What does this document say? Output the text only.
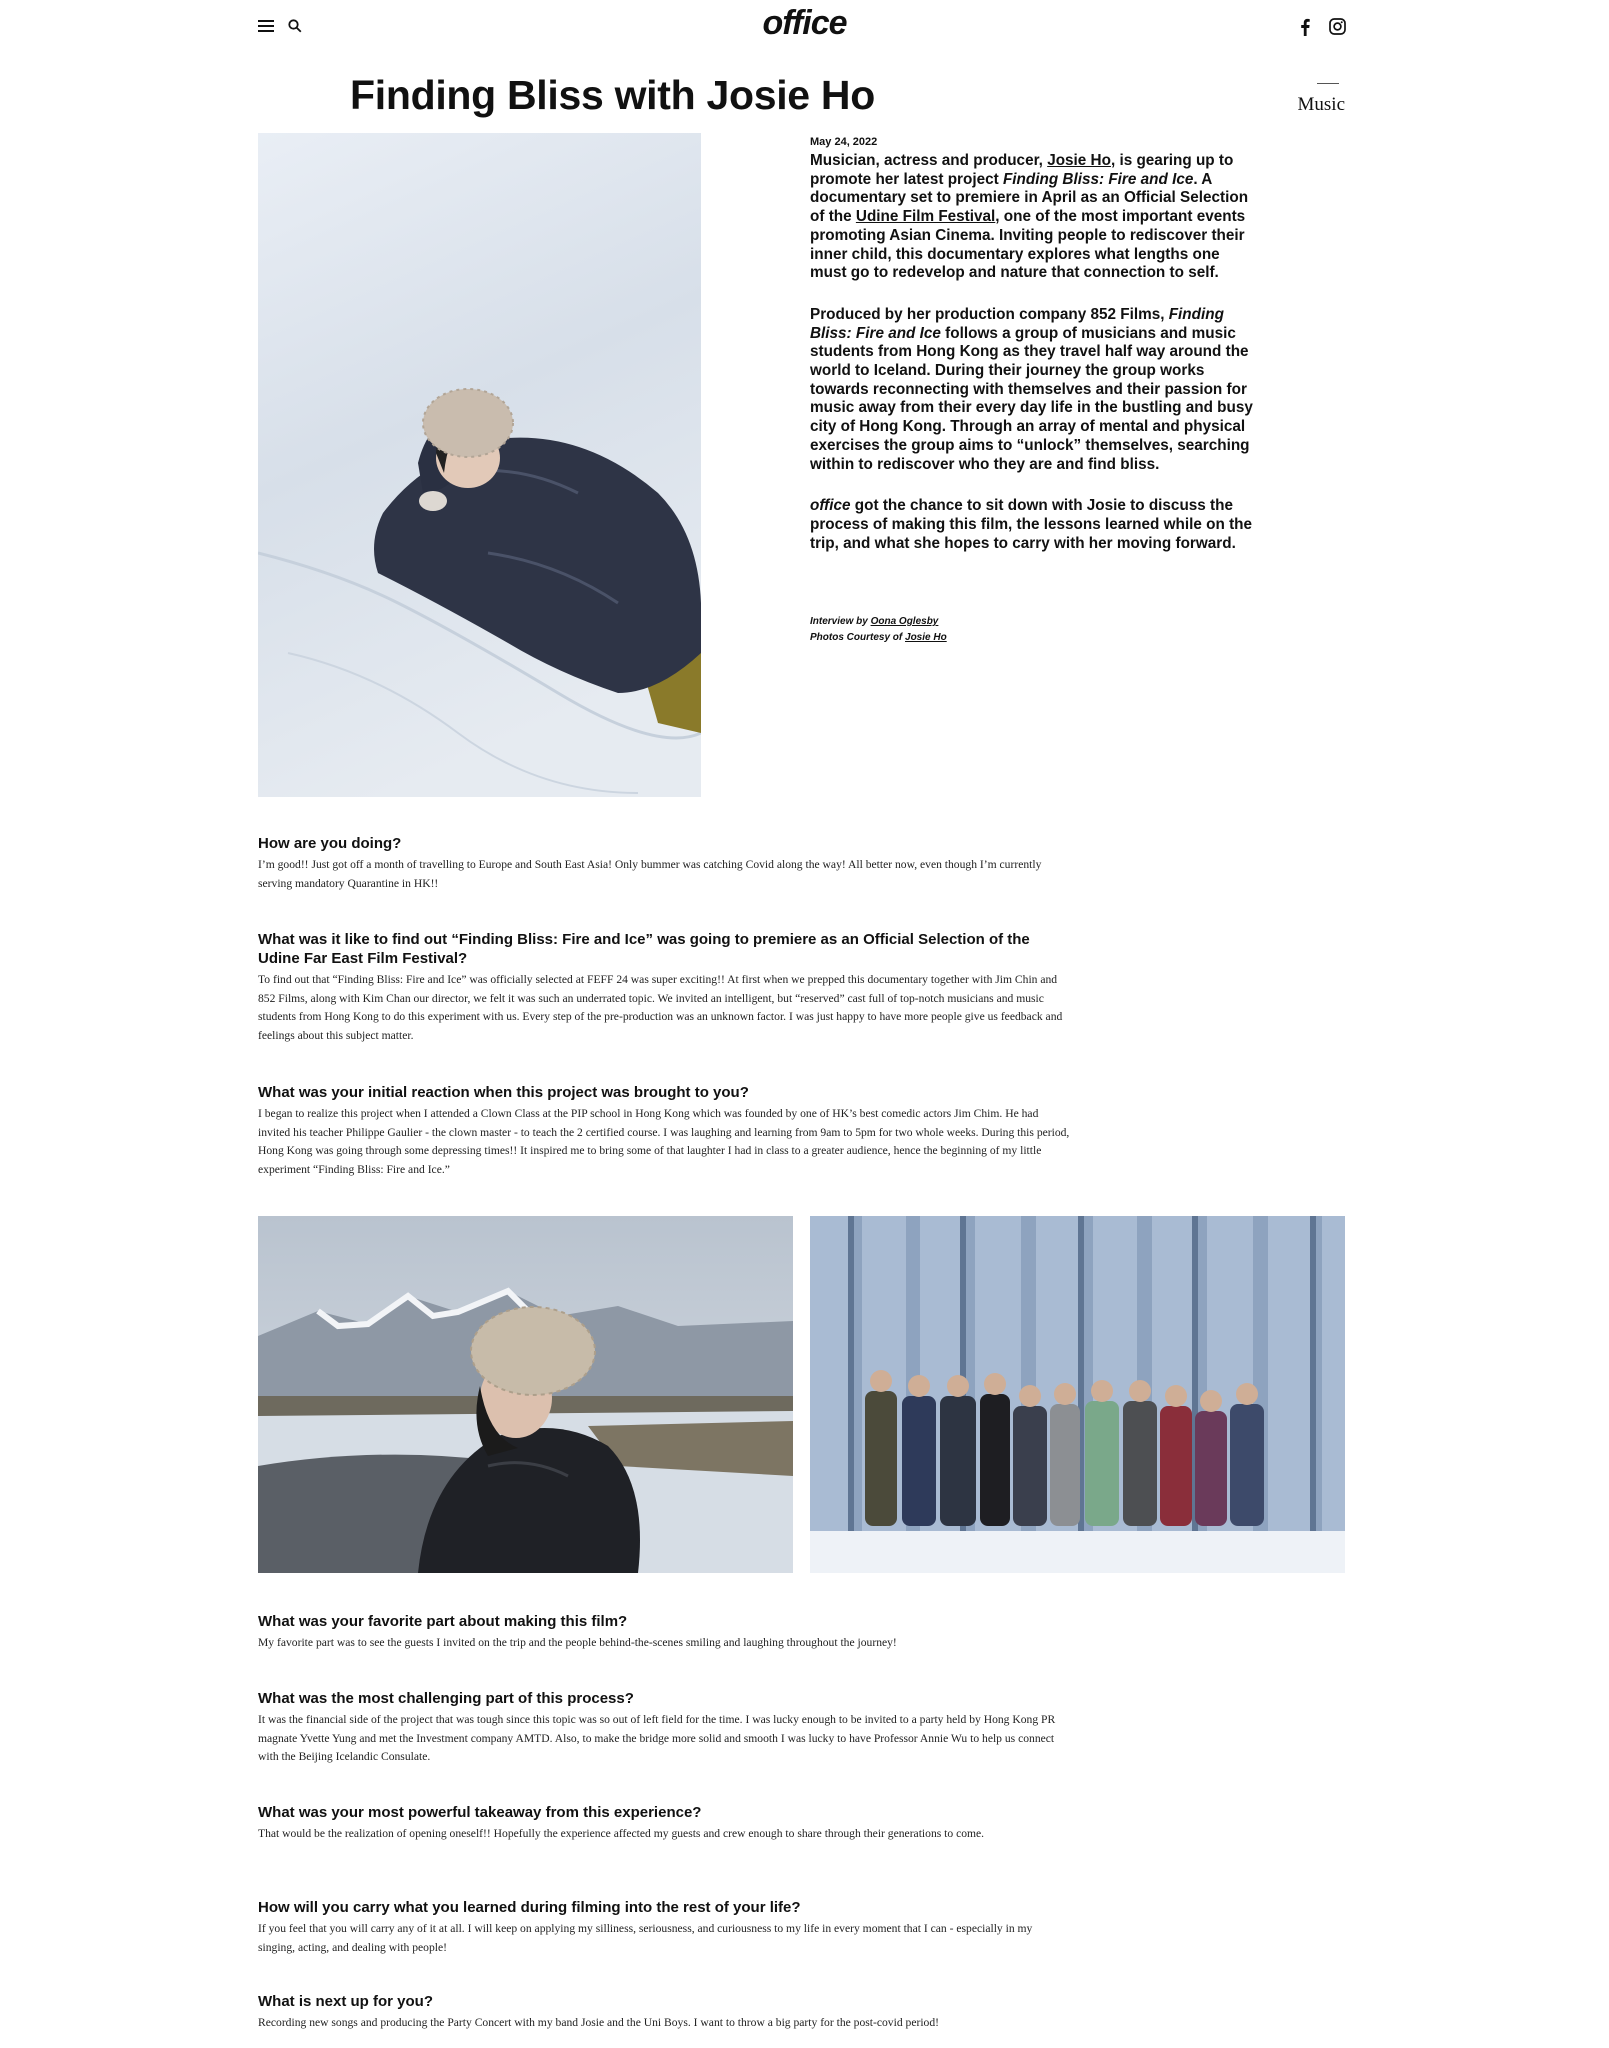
office
Music
Finding Bliss with Josie Ho
May 24, 2022

Musician, actress and producer, Josie Ho, is gearing up to promote her latest project Finding Bliss: Fire and Ice. A documentary set to premiere in April as an Official Selection of the Udine Film Festival, one of the most important events promoting Asian Cinema. Inviting people to rediscover their inner child, this documentary explores what lengths one must go to redevelop and nature that connection to self.

Produced by her production company 852 Films, Finding Bliss: Fire and Ice follows a group of musicians and music students from Hong Kong as they travel half way around the world to Iceland. During their journey the group works towards reconnecting with themselves and their passion for music away from their every day life in the bustling and busy city of Hong Kong. Through an array of mental and physical exercises the group aims to “unlock” themselves, searching within to rediscover who they are and find bliss.

office got the chance to sit down with Josie to discuss the process of making this film, the lessons learned while on the trip, and what she hopes to carry with her moving forward.

Interview by Oona Oglesby
Photos Courtesy of Josie Ho
How are you doing?

I’m good!! Just got off a month of travelling to Europe and South East Asia! Only bummer was catching Covid along the way! All better now, even though I’m currently serving mandatory Quarantine in HK!!

What was it like to find out “Finding Bliss: Fire and Ice” was going to premiere as an Official Selection of the Udine Far East Film Festival?

To find out that “Finding Bliss: Fire and Ice” was officially selected at FEFF 24 was super exciting!! At first when we prepped this documentary together with Jim Chin and 852 Films, along with Kim Chan our director, we felt it was such an underrated topic. We invited an intelligent, but “reserved” cast full of top-notch musicians and music students from Hong Kong to do this experiment with us. Every step of the pre-production was an unknown factor. I was just happy to have more people give us feedback and feelings about this subject matter.

What was your initial reaction when this project was brought to you?

I began to realize this project when I attended a Clown Class at the PIP school in Hong Kong which was founded by one of HK’s best comedic actors Jim Chim. He had invited his teacher Philippe Gaulier - the clown master - to teach the 2 certified course. I was laughing and learning from 9am to 5pm for two whole weeks. During this period, Hong Kong was going through some depressing times!! It inspired me to bring some of that laughter I had in class to a greater audience, hence the beginning of my little experiment “Finding Bliss: Fire and Ice.”

What was your favorite part about making this film?

My favorite part was to see the guests I invited on the trip and the people behind-the-scenes smiling and laughing throughout the journey!

What was the most challenging part of this process?

It was the financial side of the project that was tough since this topic was so out of left field for the time. I was lucky enough to be invited to a party held by Hong Kong PR magnate Yvette Yung and met the Investment company AMTD. Also, to make the bridge more solid and smooth I was lucky to have Professor Annie Wu to help us connect with the Beijing Icelandic Consulate.

What was your most powerful takeaway from this experience?

That would be the realization of opening oneself!! Hopefully the experience affected my guests and crew enough to share through their generations to come.

How will you carry what you learned during filming into the rest of your life?

If you feel that you will carry any of it at all. I will keep on applying my silliness, seriousness, and curiousness to my life in every moment that I can - especially in my singing, acting, and dealing with people!

What is next up for you?

Recording new songs and producing the Party Concert with my band Josie and the Uni Boys. I want to throw a big party for the post-covid period!
